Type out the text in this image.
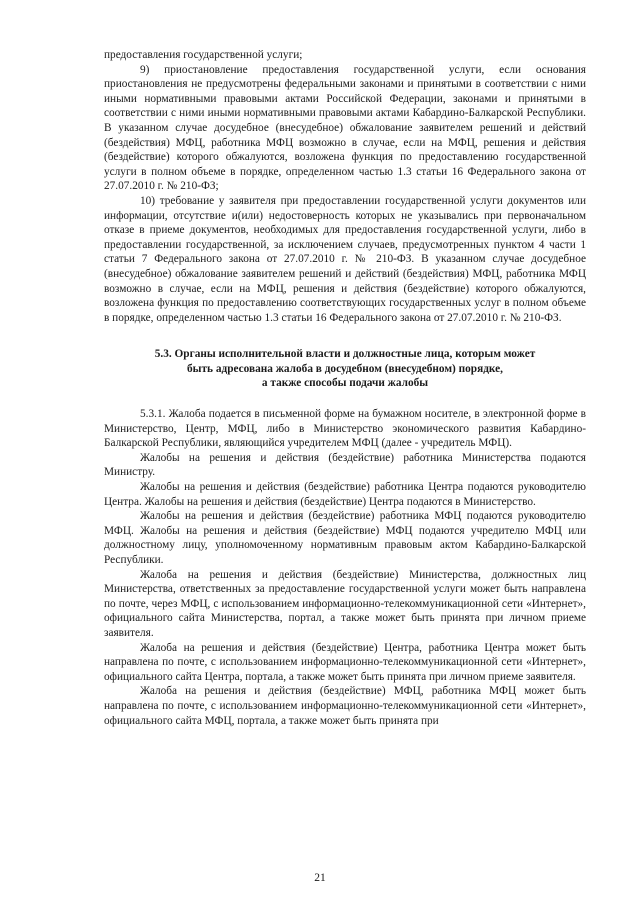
предоставления государственной услуги;

9) приостановление предоставления государственной услуги, если основания приостановления не предусмотрены федеральными законами и принятыми в соответствии с ними иными нормативными правовыми актами Российской Федерации, законами и принятыми в соответствии с ними иными нормативными правовыми актами Кабардино-Балкарской Республики. В указанном случае досудебное (внесудебное) обжалование заявителем решений и действий (бездействия) МФЦ, работника МФЦ возможно в случае, если на МФЦ, решения и действия (бездействие) которого обжалуются, возложена функция по предоставлению государственной услуги в полном объеме в порядке, определенном частью 1.3 статьи 16 Федерального закона от 27.07.2010 г. № 210-ФЗ;

10) требование у заявителя при предоставлении государственной услуги документов или информации, отсутствие и(или) недостоверность которых не указывались при первоначальном отказе в приеме документов, необходимых для предоставления государственной услуги, либо в предоставлении государственной, за исключением случаев, предусмотренных пунктом 4 части 1 статьи 7 Федерального закона от 27.07.2010 г. № 210-ФЗ. В указанном случае досудебное (внесудебное) обжалование заявителем решений и действий (бездействия) МФЦ, работника МФЦ возможно в случае, если на МФЦ, решения и действия (бездействие) которого обжалуются, возложена функция по предоставлению соответствующих государственных услуг в полном объеме в порядке, определенном частью 1.3 статьи 16 Федерального закона от 27.07.2010 г. № 210-ФЗ.

5.3. Органы исполнительной власти и должностные лица, которым может
быть адресована жалоба в досудебном (внесудебном) порядке,
а также способы подачи жалобы

5.3.1. Жалоба подается в письменной форме на бумажном носителе, в электронной форме в Министерство, Центр, МФЦ, либо в Министерство экономического развития Кабардино-Балкарской Республики, являющийся учредителем МФЦ (далее - учредитель МФЦ).

Жалобы на решения и действия (бездействие) работника Министерства подаются Министру.

Жалобы на решения и действия (бездействие) работника Центра подаются руководителю Центра. Жалобы на решения и действия (бездействие) Центра подаются в Министерство.

Жалобы на решения и действия (бездействие) работника МФЦ подаются руководителю МФЦ. Жалобы на решения и действия (бездействие) МФЦ подаются учредителю МФЦ или должностному лицу, уполномоченному нормативным правовым актом Кабардино-Балкарской Республики.

Жалоба на решения и действия (бездействие) Министерства, должностных лиц Министерства, ответственных за предоставление государственной услуги может быть направлена по почте, через МФЦ, с использованием информационно-телекоммуникационной сети «Интернет», официального сайта Министерства, портал, а также может быть принята при личном приеме заявителя.

Жалоба на решения и действия (бездействие) Центра, работника Центра может быть направлена по почте, с использованием информационно-телекоммуникационной сети «Интернет», официального сайта Центра, портала, а также может быть принята при личном приеме заявителя.

Жалоба на решения и действия (бездействие) МФЦ, работника МФЦ может быть направлена по почте, с использованием информационно-телекоммуникационной сети «Интернет», официального сайта МФЦ, портала, а также может быть принята при

21
